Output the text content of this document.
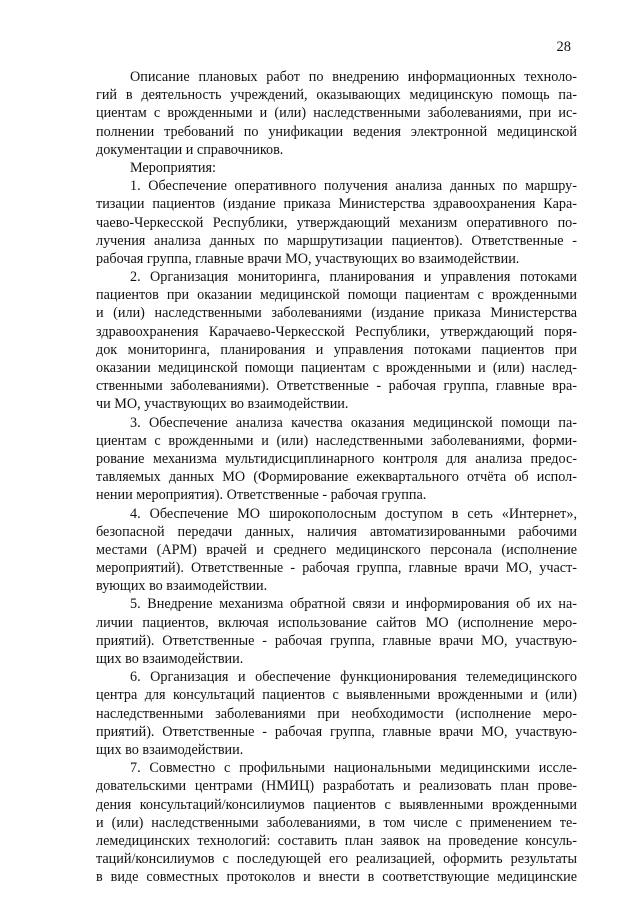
28
Описание плановых работ по внедрению информационных техноло-
гий в деятельность учреждений, оказывающих медицинскую помощь па-
циентам с врожденными и (или) наследственными заболеваниями, при ис-
полнении требований по унификации ведения электронной медицинской
документации и справочников.
Мероприятия:
1. Обеспечение оперативного получения анализа данных по маршру-
тизации пациентов (издание приказа Министерства здравоохранения Кара-
чаево-Черкесской Республики, утверждающий механизм оперативного по-
лучения анализа данных по маршрутизации пациентов). Ответственные -
рабочая группа, главные врачи МО, участвующих во взаимодействии.
2. Организация мониторинга, планирования и управления потоками
пациентов при оказании медицинской помощи пациентам с врожденными
и (или) наследственными заболеваниями (издание приказа Министерства
здравоохранения Карачаево-Черкесской Республики, утверждающий поря-
док мониторинга, планирования и управления потоками пациентов при
оказании медицинской помощи пациентам с врожденными и (или) наслед-
ственными заболеваниями). Ответственные - рабочая группа, главные вра-
чи МО, участвующих во взаимодействии.
3. Обеспечение анализа качества оказания медицинской помощи па-
циентам с врожденными и (или) наследственными заболеваниями, форми-
рование механизма мультидисциплинарного контроля для анализа предос-
тавляемых данных МО (Формирование ежеквартального отчёта об испол-
нении мероприятия). Ответственные - рабочая группа.
4. Обеспечение МО широкополосным доступом в сеть «Интернет»,
безопасной передачи данных, наличия автоматизированными рабочими
местами (АРМ) врачей и среднего медицинского персонала (исполнение
мероприятий). Ответственные - рабочая группа, главные врачи МО, участ-
вующих во взаимодействии.
5. Внедрение механизма обратной связи и информирования об их на-
личии пациентов, включая использование сайтов МО (исполнение меро-
приятий). Ответственные - рабочая группа, главные врачи МО, участвую-
щих во взаимодействии.
6. Организация и обеспечение функционирования телемедицинского
центра для консультаций пациентов с выявленными врожденными и (или)
наследственными заболеваниями при необходимости (исполнение меро-
приятий). Ответственные - рабочая группа, главные врачи МО, участвую-
щих во взаимодействии.
7. Совместно с профильными национальными медицинскими иссле-
довательскими центрами (НМИЦ) разработать и реализовать план прове-
дения консультаций/консилиумов пациентов с выявленными врожденными
и (или) наследственными заболеваниями, в том числе с применением те-
лемедицинских технологий: составить план заявок на проведение консуль-
таций/консилиумов с последующей его реализацией, оформить результаты
в виде совместных протоколов и внести в соответствующие медицинские
